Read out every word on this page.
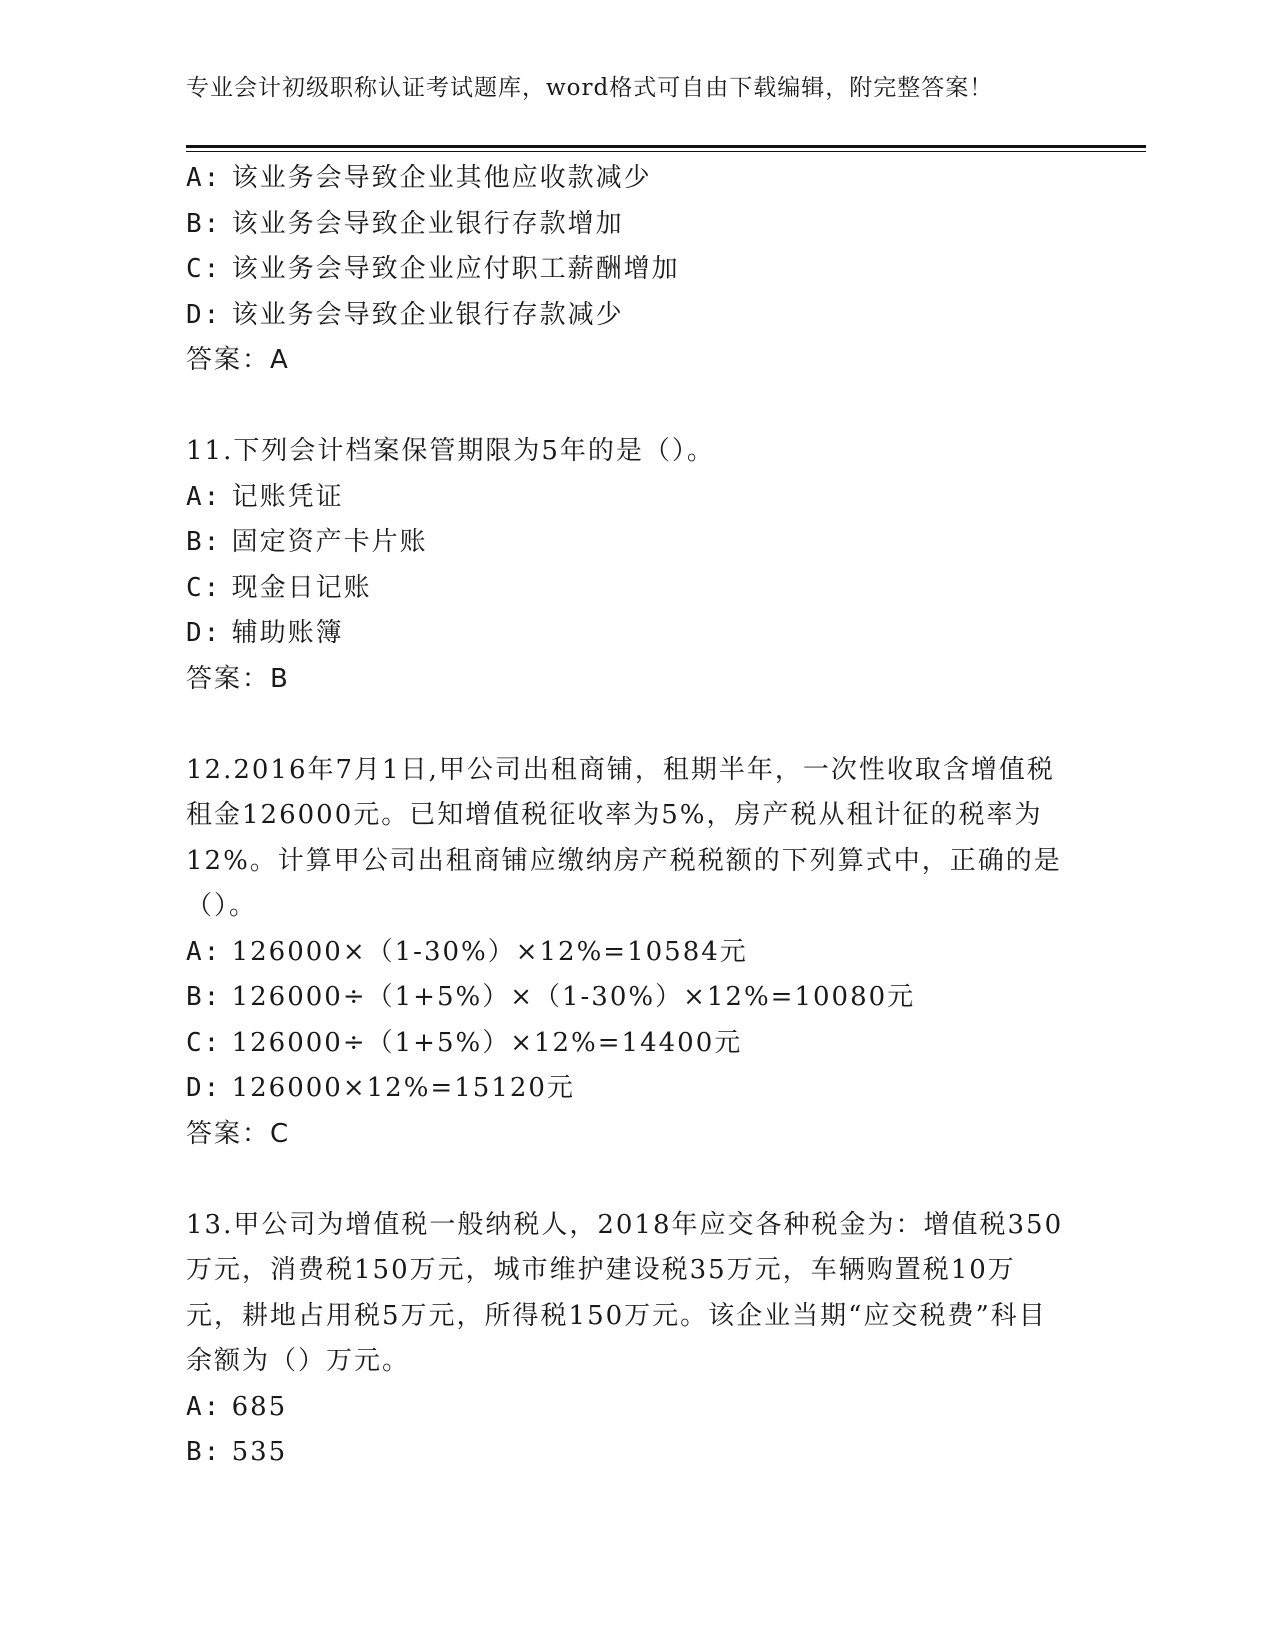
专业会计初级职称认证考试题库，word格式可自由下载编辑，附完整答案！
A: 该业务会导致企业其他应收款减少
B: 该业务会导致企业银行存款增加
C: 该业务会导致企业应付职工薪酬增加
D: 该业务会导致企业银行存款减少
答案：A
11.下列会计档案保管期限为5年的是（）。
A: 记账凭证
B: 固定资产卡片账
C: 现金日记账
D: 辅助账簿
答案：B
12.2016年7月1日,甲公司出租商铺，租期半年，一次性收取含增值税租金126000元。已知增值税征收率为5%，房产税从租计征的税率为12%。计算甲公司出租商铺应缴纳房产税税额的下列算式中，正确的是（）。
A: 126000×（1-30%）×12%=10584元
B: 126000÷（1+5%）×（1-30%）×12%=10080元
C: 126000÷（1+5%）×12%=14400元
D: 126000×12%=15120元
答案：C
13.甲公司为增值税一般纳税人，2018年应交各种税金为：增值税350万元，消费税150万元，城市维护建设税35万元，车辆购置税10万元，耕地占用税5万元，所得税150万元。该企业当期“应交税费”科目余额为（）万元。
A: 685
B: 535
